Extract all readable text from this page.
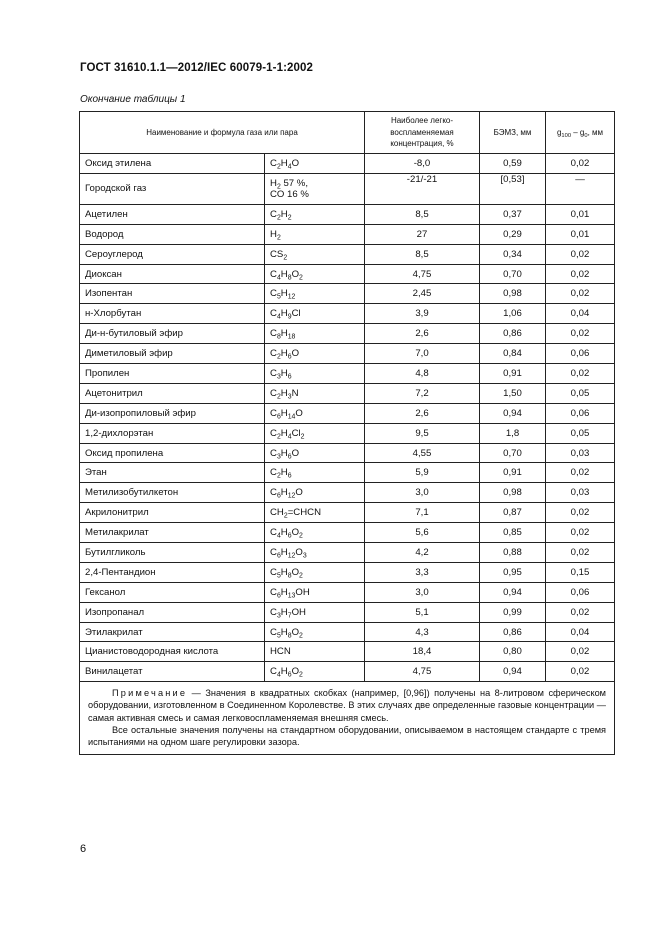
ГОСТ 31610.1.1—2012/IEC 60079-1-1:2002
Окончание таблицы 1
Наименование и формула газа или пара		Наиболее легко-
воспламеняемая
концентрация, %	БЭМЗ, мм	$g_{100} - g_0$, мм
Оксид этилена	$C_2H_4O$	-8,0	0,59	0,02
Городской газ	$H_2$ 57 %,
CO 16 %	-21/-21	[0,53]	—
Ацетилен	$C_2H_2$	8,5	0,37	0,01
Водород	$H_2$	27	0,29	0,01
Сероуглерод	$CS_2$	8,5	0,34	0,02
Диоксан	$C_4H_8O_2$	4,75	0,70	0,02
Изопентан	$C_5H_{12}$	2,45	0,98	0,02
н-Хлорбутан	$C_4H_9Cl$	3,9	1,06	0,04
Ди-н-бутиловый эфир	$C_8H_{18}$	2,6	0,86	0,02
Диметиловый эфир	$C_2H_6O$	7,0	0,84	0,06
Пропилен	$C_3H_6$	4,8	0,91	0,02
Ацетонитрил	$C_2H_3N$	7,2	1,50	0,05
Ди-изопропиловый эфир	$C_6H_{14}O$	2,6	0,94	0,06
1,2-дихлорэтан	$C_2H_4Cl_2$	9,5	1,8	0,05
Оксид пропилена	$C_3H_6O$	4,55	0,70	0,03
Этан	$C_2H_6$	5,9	0,91	0,02
Метилизобутилкетон	$C_6H_{12}O$	3,0	0,98	0,03
Акрилонитрил	$CH_2=CHCN$	7,1	0,87	0,02
Метилакрилат	$C_4H_6O_2$	5,6	0,85	0,02
Бутилгликоль	$C_6H_{12}O_3$	4,2	0,88	0,02
2,4-Пентандион	$C_5H_8O_2$	3,3	0,95	0,15
Гексанол	$C_6H_{13}OH$	3,0	0,94	0,06
Изопропанал	$C_3H_7OH$	5,1	0,99	0,02
Этилакрилат	$C_5H_8O_2$	4,3	0,86	0,04
Цианистоводородная кислота	HCN	18,4	0,80	0,02
Винилацетат	$C_4H_6O_2$	4,75	0,94	0,02

Примечание — Значения в квадратных скобках (например, [0,96]) получены на 8-литровом сферическом оборудовании, изготовленном в Соединенном Королевстве. В этих случаях две определенные газовые концентрации — самая активная смесь и самая легковоспламеняемая внешняя смесь.

Все остальные значения получены на стандартном оборудовании, описываемом в настоящем стандарте с тремя испытаниями на одном шаге регулировки зазора.				

6
